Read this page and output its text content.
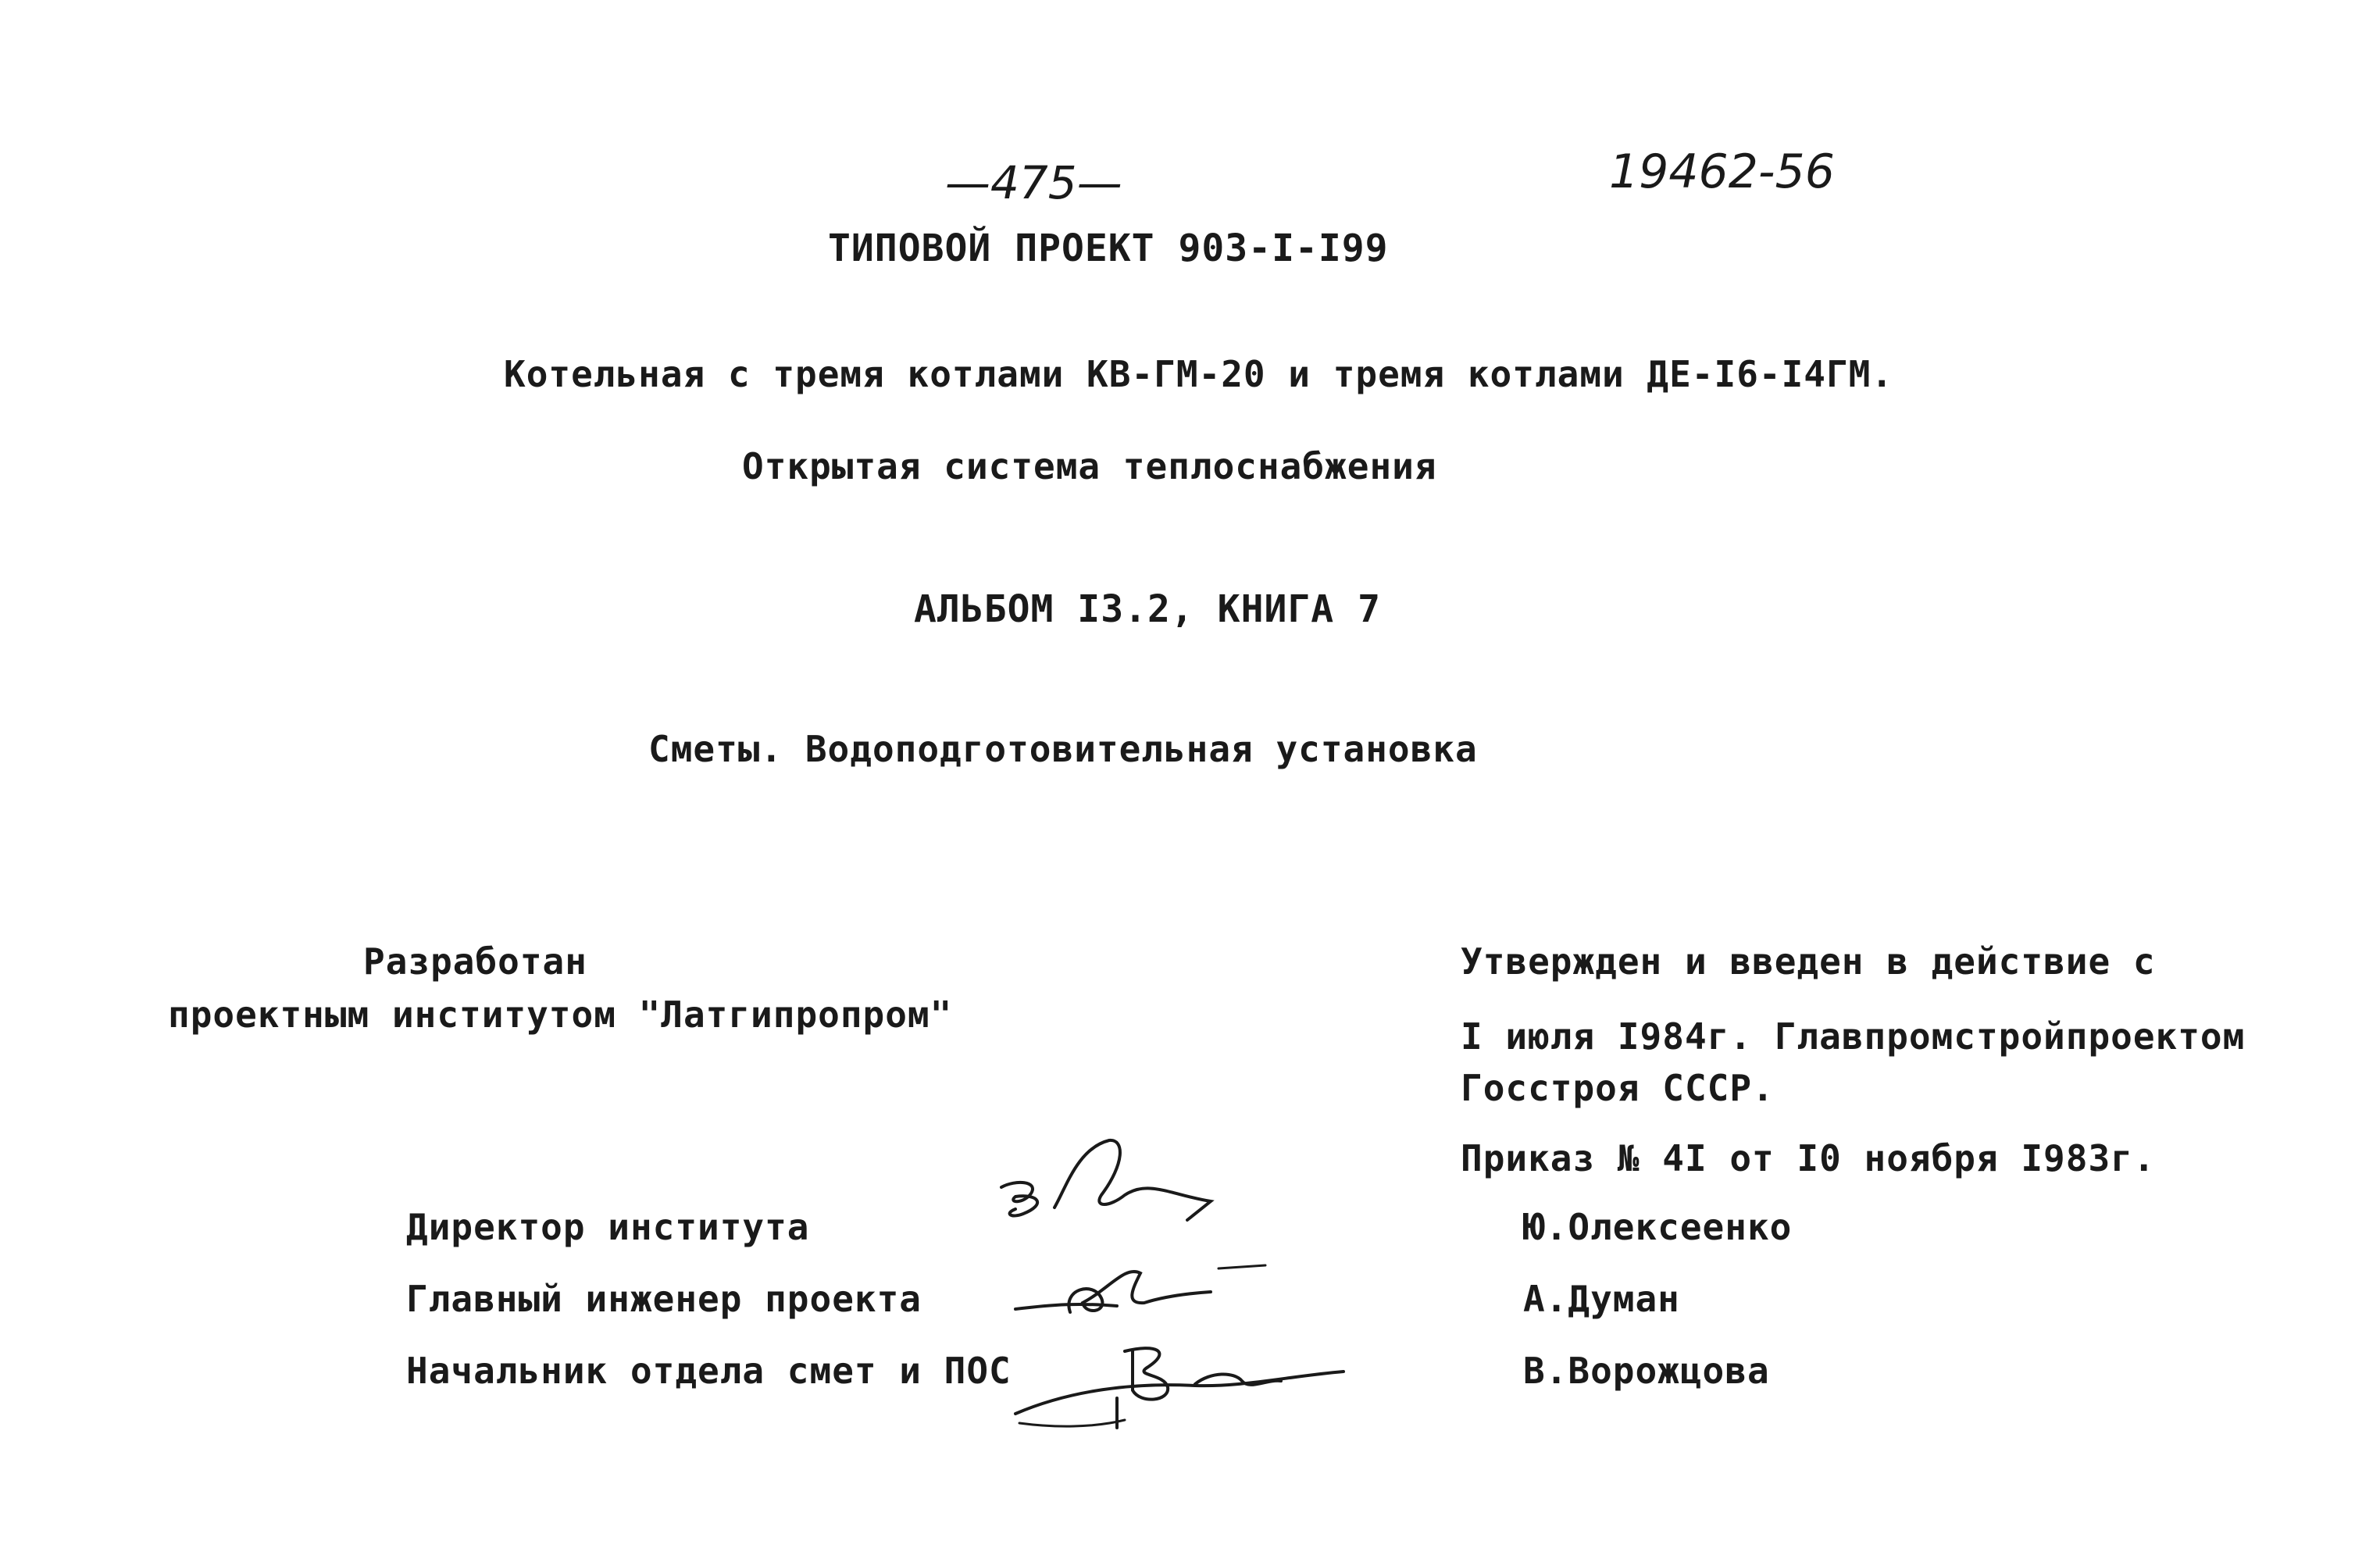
—475—	19462-56
ТИПОВОЙ ПРОЕКТ 903-I-I99
Котельная с тремя котлами КВ-ГМ-20 и тремя котлами ДЕ-I6-I4ГМ.
Открытая система теплоснабжения
АЛЬБОМ I3.2, КНИГА 7
Сметы. Водоподготовительная установка
Разработан
проектным институтом "Латгипропром"
Утвержден и введен в действие с
I июля I984г. Главпромстройпроектом
Госстроя СССР.
Приказ № 4I от I0 ноября I983г.
Директор института
Главный инженер проекта
Начальник отдела смет и ПОС
Ю.Олексеенко
А.Думан
В.Ворожцова
